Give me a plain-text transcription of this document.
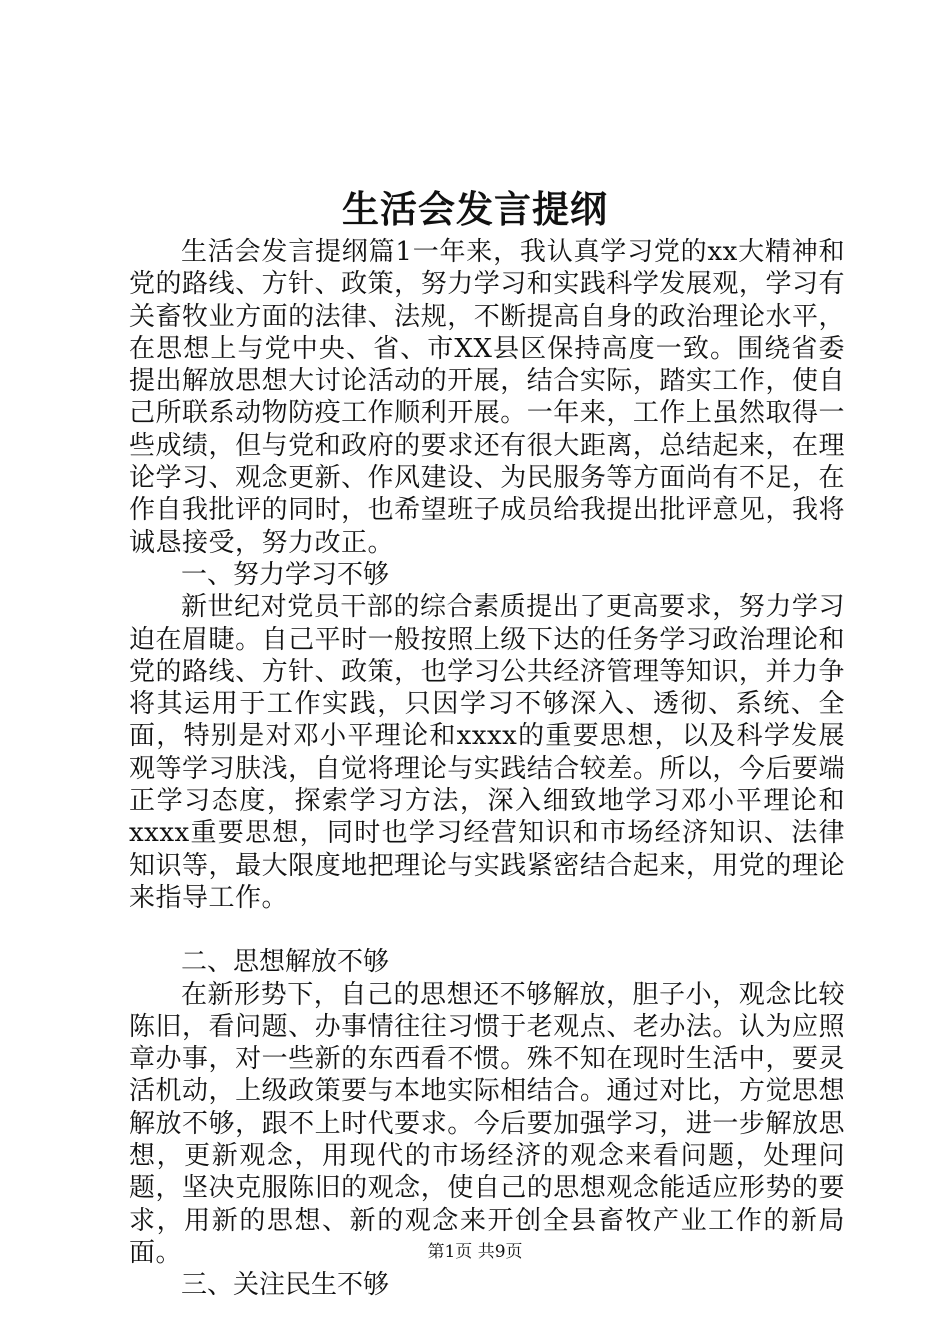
生活会发言提纲

生活会发言提纲篇1一年来，我认真学习党的xx大精神和党的路线、方针、政策，努力学习和实践科学发展观，学习有关畜牧业方面的法律、法规，不断提高自身的政治理论水平，在思想上与党中央、省、市XX县区保持高度一致。围绕省委提出解放思想大讨论活动的开展，结合实际，踏实工作，使自己所联系动物防疫工作顺利开展。一年来，工作上虽然取得一些成绩，但与党和政府的要求还有很大距离，总结起来，在理论学习、观念更新、作风建设、为民服务等方面尚有不足，在作自我批评的同时，也希望班子成员给我提出批评意见，我将诚恳接受，努力改正。

一、努力学习不够

新世纪对党员干部的综合素质提出了更高要求，努力学习迫在眉睫。自己平时一般按照上级下达的任务学习政治理论和党的路线、方针、政策，也学习公共经济管理等知识，并力争将其运用于工作实践，只因学习不够深入、透彻、系统、全面，特别是对邓小平理论和xxxx的重要思想，以及科学发展观等学习肤浅，自觉将理论与实践结合较差。所以，今后要端正学习态度，探索学习方法，深入细致地学习邓小平理论和xxxx重要思想，同时也学习经营知识和市场经济知识、法律知识等，最大限度地把理论与实践紧密结合起来，用党的理论来指导工作。

二、思想解放不够

在新形势下，自己的思想还不够解放，胆子小，观念比较陈旧，看问题、办事情往往习惯于老观点、老办法。认为应照章办事，对一些新的东西看不惯。殊不知在现时生活中，要灵活机动，上级政策要与本地实际相结合。通过对比，方觉思想解放不够，跟不上时代要求。今后要加强学习，进一步解放思想，更新观念，用现代的市场经济的观念来看问题，处理问题，坚决克服陈旧的观念，使自己的思想观念能适应形势的要求，用新的思想、新的观念来开创全县畜牧产业工作的新局面。

三、关注民生不够

第1页 共9页
